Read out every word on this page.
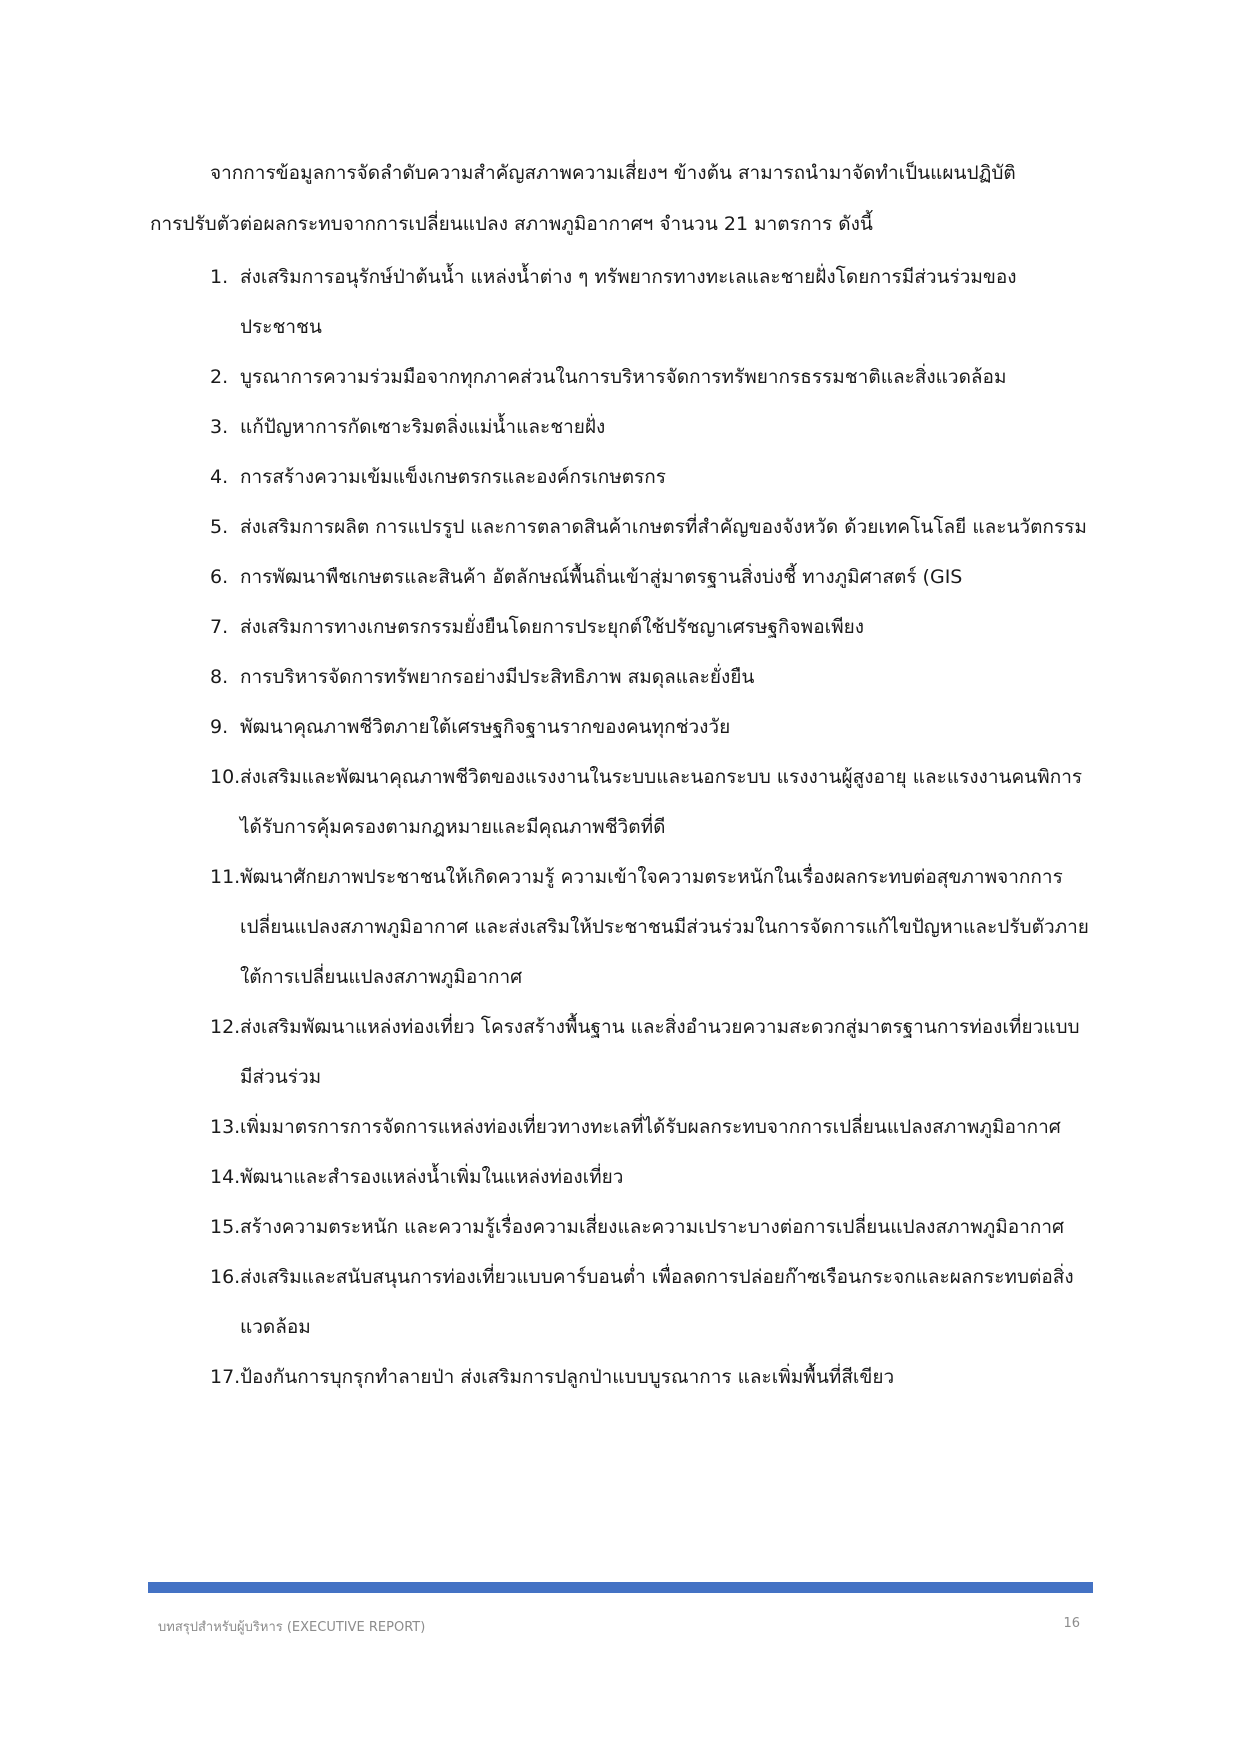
จากการข้อมูลการจัดลำดับความสำคัญสภาพความเสี่ยงฯ ข้างต้น สามารถนำมาจัดทำเป็นแผนปฏิบัติ
การปรับตัวต่อผลกระทบจากการเปลี่ยนแปลง สภาพภูมิอากาศฯ จำนวน 21 มาตรการ ดังนี้

1. ส่งเสริมการอนุรักษ์ป่าต้นน้ำ แหล่งน้ำต่าง ๆ ทรัพยากรทางทะเลและชายฝั่งโดยการมีส่วนร่วมของประชาชน
2. บูรณาการความร่วมมือจากทุกภาคส่วนในการบริหารจัดการทรัพยากรธรรมชาติและสิ่งแวดล้อม
3. แก้ปัญหาการกัดเซาะริมตลิ่งแม่น้ำและชายฝั่ง
4. การสร้างความเข้มแข็งเกษตรกรและองค์กรเกษตรกร
5. ส่งเสริมการผลิต การแปรรูป และการตลาดสินค้าเกษตรที่สำคัญของจังหวัด ด้วยเทคโนโลยี และนวัตกรรม
6. การพัฒนาพืชเกษตรและสินค้า อัตลักษณ์พื้นถิ่นเข้าสู่มาตรฐานสิ่งบ่งชี้ ทางภูมิศาสตร์ (GIS
7. ส่งเสริมการทางเกษตรกรรมยั่งยืนโดยการประยุกต์ใช้ปรัชญาเศรษฐกิจพอเพียง
8. การบริหารจัดการทรัพยากรอย่างมีประสิทธิภาพ สมดุลและยั่งยืน
9. พัฒนาคุณภาพชีวิตภายใต้เศรษฐกิจฐานรากของคนทุกช่วงวัย
10. ส่งเสริมและพัฒนาคุณภาพชีวิตของแรงงานในระบบและนอกระบบ แรงงานผู้สูงอายุ และแรงงานคนพิการได้รับการคุ้มครองตามกฎหมายและมีคุณภาพชีวิตที่ดี
11. พัฒนาศักยภาพประชาชนให้เกิดความรู้ ความเข้าใจความตระหนักในเรื่องผลกระทบต่อสุขภาพจากการเปลี่ยนแปลงสภาพภูมิอากาศ และส่งเสริมให้ประชาชนมีส่วนร่วมในการจัดการแก้ไขปัญหาและปรับตัวภายใต้การเปลี่ยนแปลงสภาพภูมิอากาศ
12. ส่งเสริมพัฒนาแหล่งท่องเที่ยว โครงสร้างพื้นฐาน และสิ่งอำนวยความสะดวกสู่มาตรฐานการท่องเที่ยวแบบมีส่วนร่วม
13. เพิ่มมาตรการการจัดการแหล่งท่องเที่ยวทางทะเลที่ได้รับผลกระทบจากการเปลี่ยนแปลงสภาพภูมิอากาศ
14. พัฒนาและสำรองแหล่งน้ำเพิ่มในแหล่งท่องเที่ยว
15. สร้างความตระหนัก และความรู้เรื่องความเสี่ยงและความเปราะบางต่อการเปลี่ยนแปลงสภาพภูมิอากาศ
16. ส่งเสริมและสนับสนุนการท่องเที่ยวแบบคาร์บอนต่ำ เพื่อลดการปล่อยก๊าซเรือนกระจกและผลกระทบต่อสิ่งแวดล้อม
17. ป้องกันการบุกรุกทำลายป่า ส่งเสริมการปลูกป่าแบบบูรณาการ และเพิ่มพื้นที่สีเขียว
บทสรุปสำหรับผู้บริหาร (EXECUTIVE REPORT)	16
